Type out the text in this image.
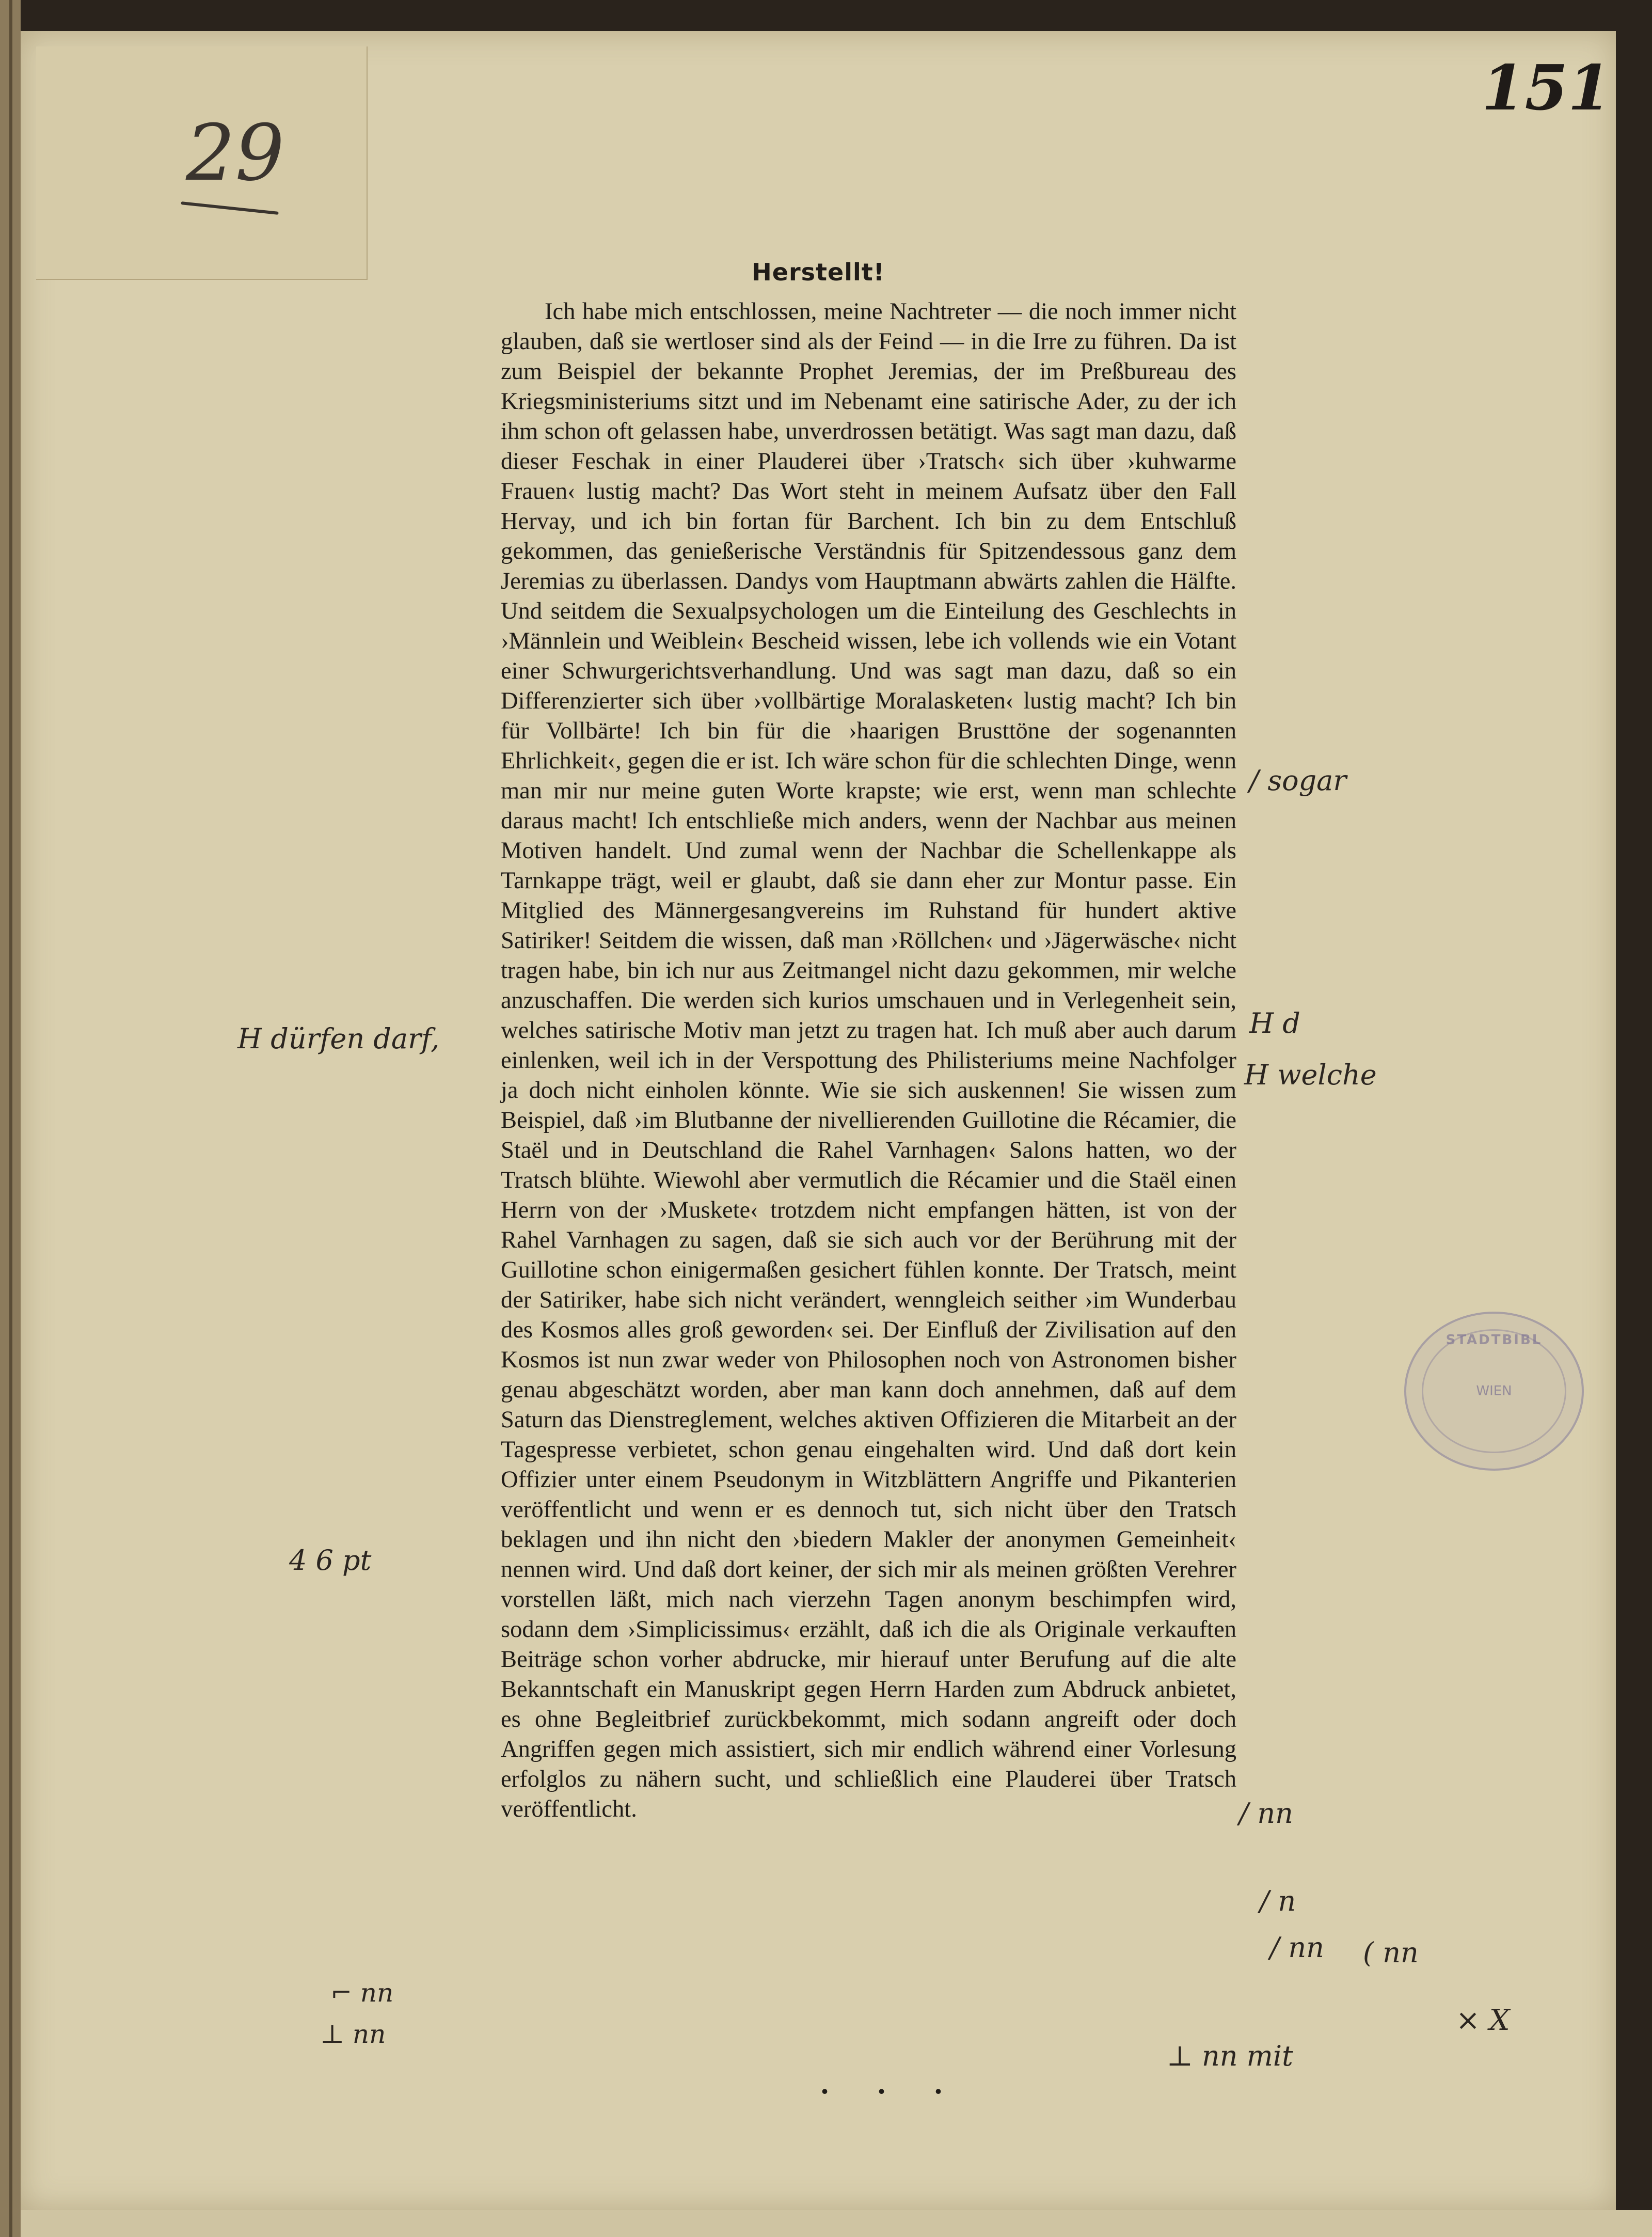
29
151
Herstellt!

Ich habe mich entschlossen, meine Nachtreter — die noch immer nicht glauben, daß sie wertloser sind als der Feind — in die Irre zu führen. Da ist zum Beispiel der bekannte Prophet Jeremias, der im Preßbureau des Kriegsministeriums sitzt und im Nebenamt eine satirische Ader, zu der ich ihm schon oft gelassen habe, unverdrossen betätigt. Was sagt man dazu, daß dieser Feschak in einer Plauderei über ›Tratsch‹ sich über ›kuhwarme Frauen‹ lustig macht? Das Wort steht in meinem Aufsatz über den Fall Hervay, und ich bin fortan für Barchent. Ich bin zu dem Entschluß gekommen, das genießerische Verständnis für Spitzendessous ganz dem Jeremias zu überlassen. Dandys vom Hauptmann abwärts zahlen die Hälfte. Und seitdem die Sexualpsychologen um die Einteilung des Geschlechts in ›Männlein und Weiblein‹ Bescheid wissen, lebe ich vollends wie ein Votant einer Schwurgerichtsverhandlung. Und was sagt man dazu, daß so ein Differenzierter sich über ›vollbärtige Moralasketen‹ lustig macht? Ich bin für Vollbärte! Ich bin für die ›haarigen Brusttöne der sogenannten Ehrlichkeit‹, gegen die er ist. Ich wäre schon für die schlechten Dinge, wenn man mir nur meine guten Worte krapste; wie erst, wenn man schlechte daraus macht! Ich entschließe mich anders, wenn der Nachbar aus meinen Motiven handelt. Und zumal wenn der Nachbar die Schellenkappe als Tarnkappe trägt, weil er glaubt, daß sie dann eher zur Montur passe. Ein Mitglied des Männergesangvereins im Ruhstand für hundert aktive Satiriker! Seitdem die wissen, daß man ›Röllchen‹ und ›Jägerwäsche‹ nicht tragen habe, bin ich nur aus Zeitmangel nicht dazu gekommen, mir welche anzuschaffen. Die werden sich kurios umschauen und in Verlegenheit sein, welches satirische Motiv man jetzt zu tragen hat. Ich muß aber auch darum einlenken, weil ich in der Verspottung des Philisteriums meine Nachfolger ja doch nicht einholen könnte. Wie sie sich auskennen! Sie wissen zum Beispiel, daß ›im Blutbanne der nivellierenden Guillotine die Récamier, die Staël und in Deutschland die Rahel Varnhagen‹ Salons hatten, wo der Tratsch blühte. Wiewohl aber vermutlich die Récamier und die Staël einen Herrn von der ›Muskete‹ trotzdem nicht empfangen hätten, ist von der Rahel Varnhagen zu sagen, daß sie sich auch vor der Berührung mit der Guillotine schon einigermaßen gesichert fühlen konnte. Der Tratsch, meint der Satiriker, habe sich nicht verändert, wenngleich seither ›im Wunderbau des Kosmos alles groß geworden‹ sei. Der Einfluß der Zivilisation auf den Kosmos ist nun zwar weder von Philosophen noch von Astronomen bisher genau abgeschätzt worden, aber man kann doch annehmen, daß auf dem Saturn das Dienstreglement, welches aktiven Offizieren die Mitarbeit an der Tagespresse verbietet, schon genau eingehalten wird. Und daß dort kein Offizier unter einem Pseudonym in Witzblättern Angriffe und Pikanterien veröffentlicht und wenn er es dennoch tut, sich nicht über den Tratsch beklagen und ihn nicht den ›biedern Makler der anonymen Gemeinheit‹ nennen wird. Und daß dort keiner, der sich mir als meinen größten Verehrer vorstellen läßt, mich nach vierzehn Tagen anonym beschimpfen wird, sodann dem ›Simplicissimus‹ erzählt, daß ich die als Originale verkauften Beiträge schon vorher abdrucke, mir hierauf unter Berufung auf die alte Bekanntschaft ein Manuskript gegen Herrn Harden zum Abdruck anbietet, es ohne Begleitbrief zurückbekommt, mich sodann angreift oder doch Angriffen gegen mich assistiert, sich mir endlich während einer Vorlesung erfolglos zu nähern sucht, und schließlich eine Plauderei über Tratsch veröffentlicht.

. . .
STADTBIBL
WIEN
H dürfen darf,
4 6 pt
⌐ nn
⊥ nn
/ sogar
H d
H welche
/ nn
/ n
/ nn ( nn
× X
⊥ nn mit
